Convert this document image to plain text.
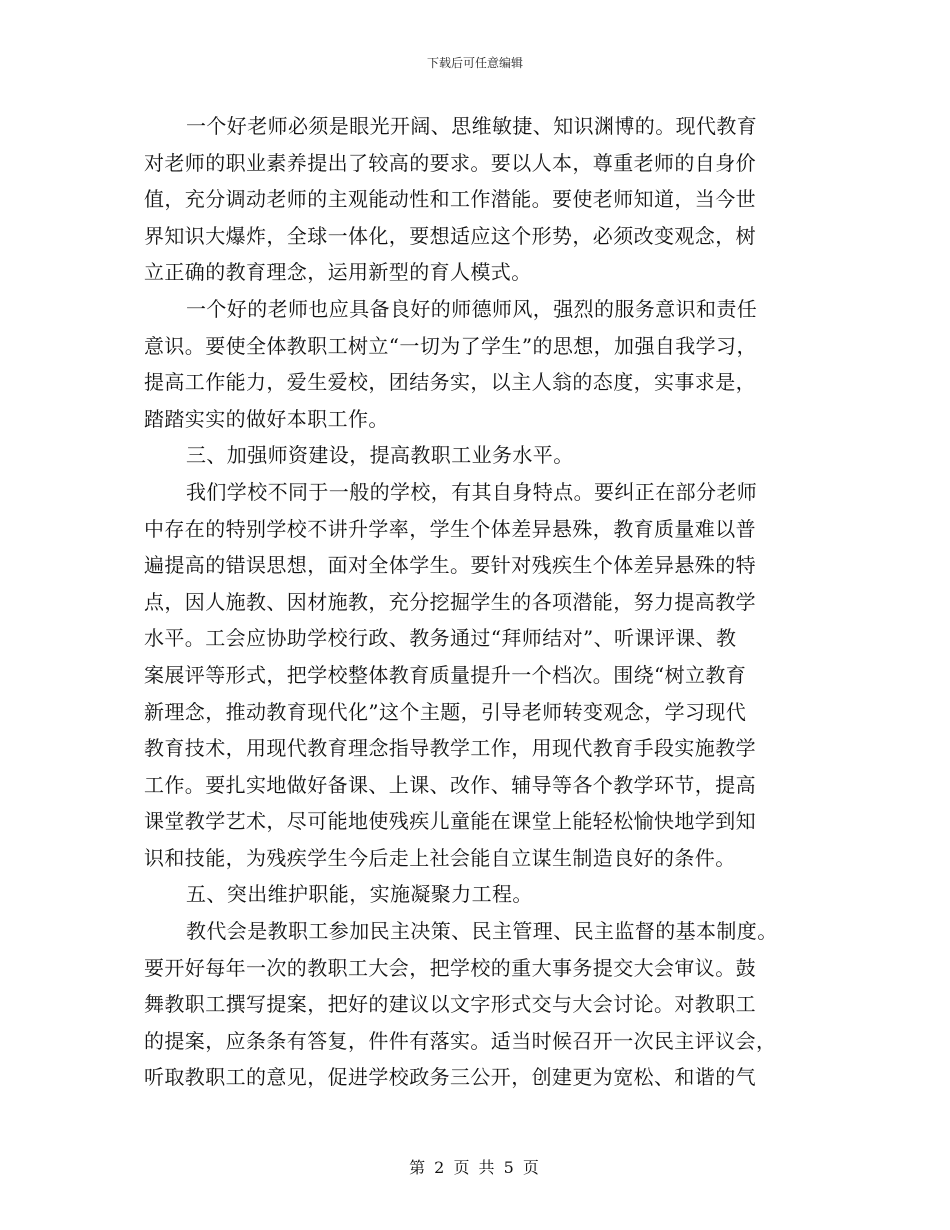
下载后可任意编辑

一个好老师必须是眼光开阔、思维敏捷、知识渊博的。现代教育
对老师的职业素养提出了较高的要求。要以人本，尊重老师的自身价
值，充分调动老师的主观能动性和工作潜能。要使老师知道，当今世
界知识大爆炸，全球一体化，要想适应这个形势，必须改变观念，树
立正确的教育理念，运用新型的育人模式。

一个好的老师也应具备良好的师德师风，强烈的服务意识和责任
意识。要使全体教职工树立“一切为了学生”的思想，加强自我学习，
提高工作能力，爱生爱校，团结务实，以主人翁的态度，实事求是，
踏踏实实的做好本职工作。

三、加强师资建设，提高教职工业务水平。

我们学校不同于一般的学校，有其自身特点。要纠正在部分老师
中存在的特别学校不讲升学率，学生个体差异悬殊，教育质量难以普
遍提高的错误思想，面对全体学生。要针对残疾生个体差异悬殊的特
点，因人施教、因材施教，充分挖掘学生的各项潜能，努力提高教学
水平。工会应协助学校行政、教务通过“拜师结对”、听课评课、教
案展评等形式，把学校整体教育质量提升一个档次。围绕“树立教育
新理念，推动教育现代化”这个主题，引导老师转变观念，学习现代
教育技术，用现代教育理念指导教学工作，用现代教育手段实施教学
工作。要扎实地做好备课、上课、改作、辅导等各个教学环节，提高
课堂教学艺术，尽可能地使残疾儿童能在课堂上能轻松愉快地学到知
识和技能，为残疾学生今后走上社会能自立谋生制造良好的条件。

五、突出维护职能，实施凝聚力工程。

教代会是教职工参加民主决策、民主管理、民主监督的基本制度。
要开好每年一次的教职工大会，把学校的重大事务提交大会审议。鼓
舞教职工撰写提案，把好的建议以文字形式交与大会讨论。对教职工
的提案，应条条有答复，件件有落实。适当时候召开一次民主评议会，
听取教职工的意见，促进学校政务三公开，创建更为宽松、和谐的气

第 2 页 共 5 页
